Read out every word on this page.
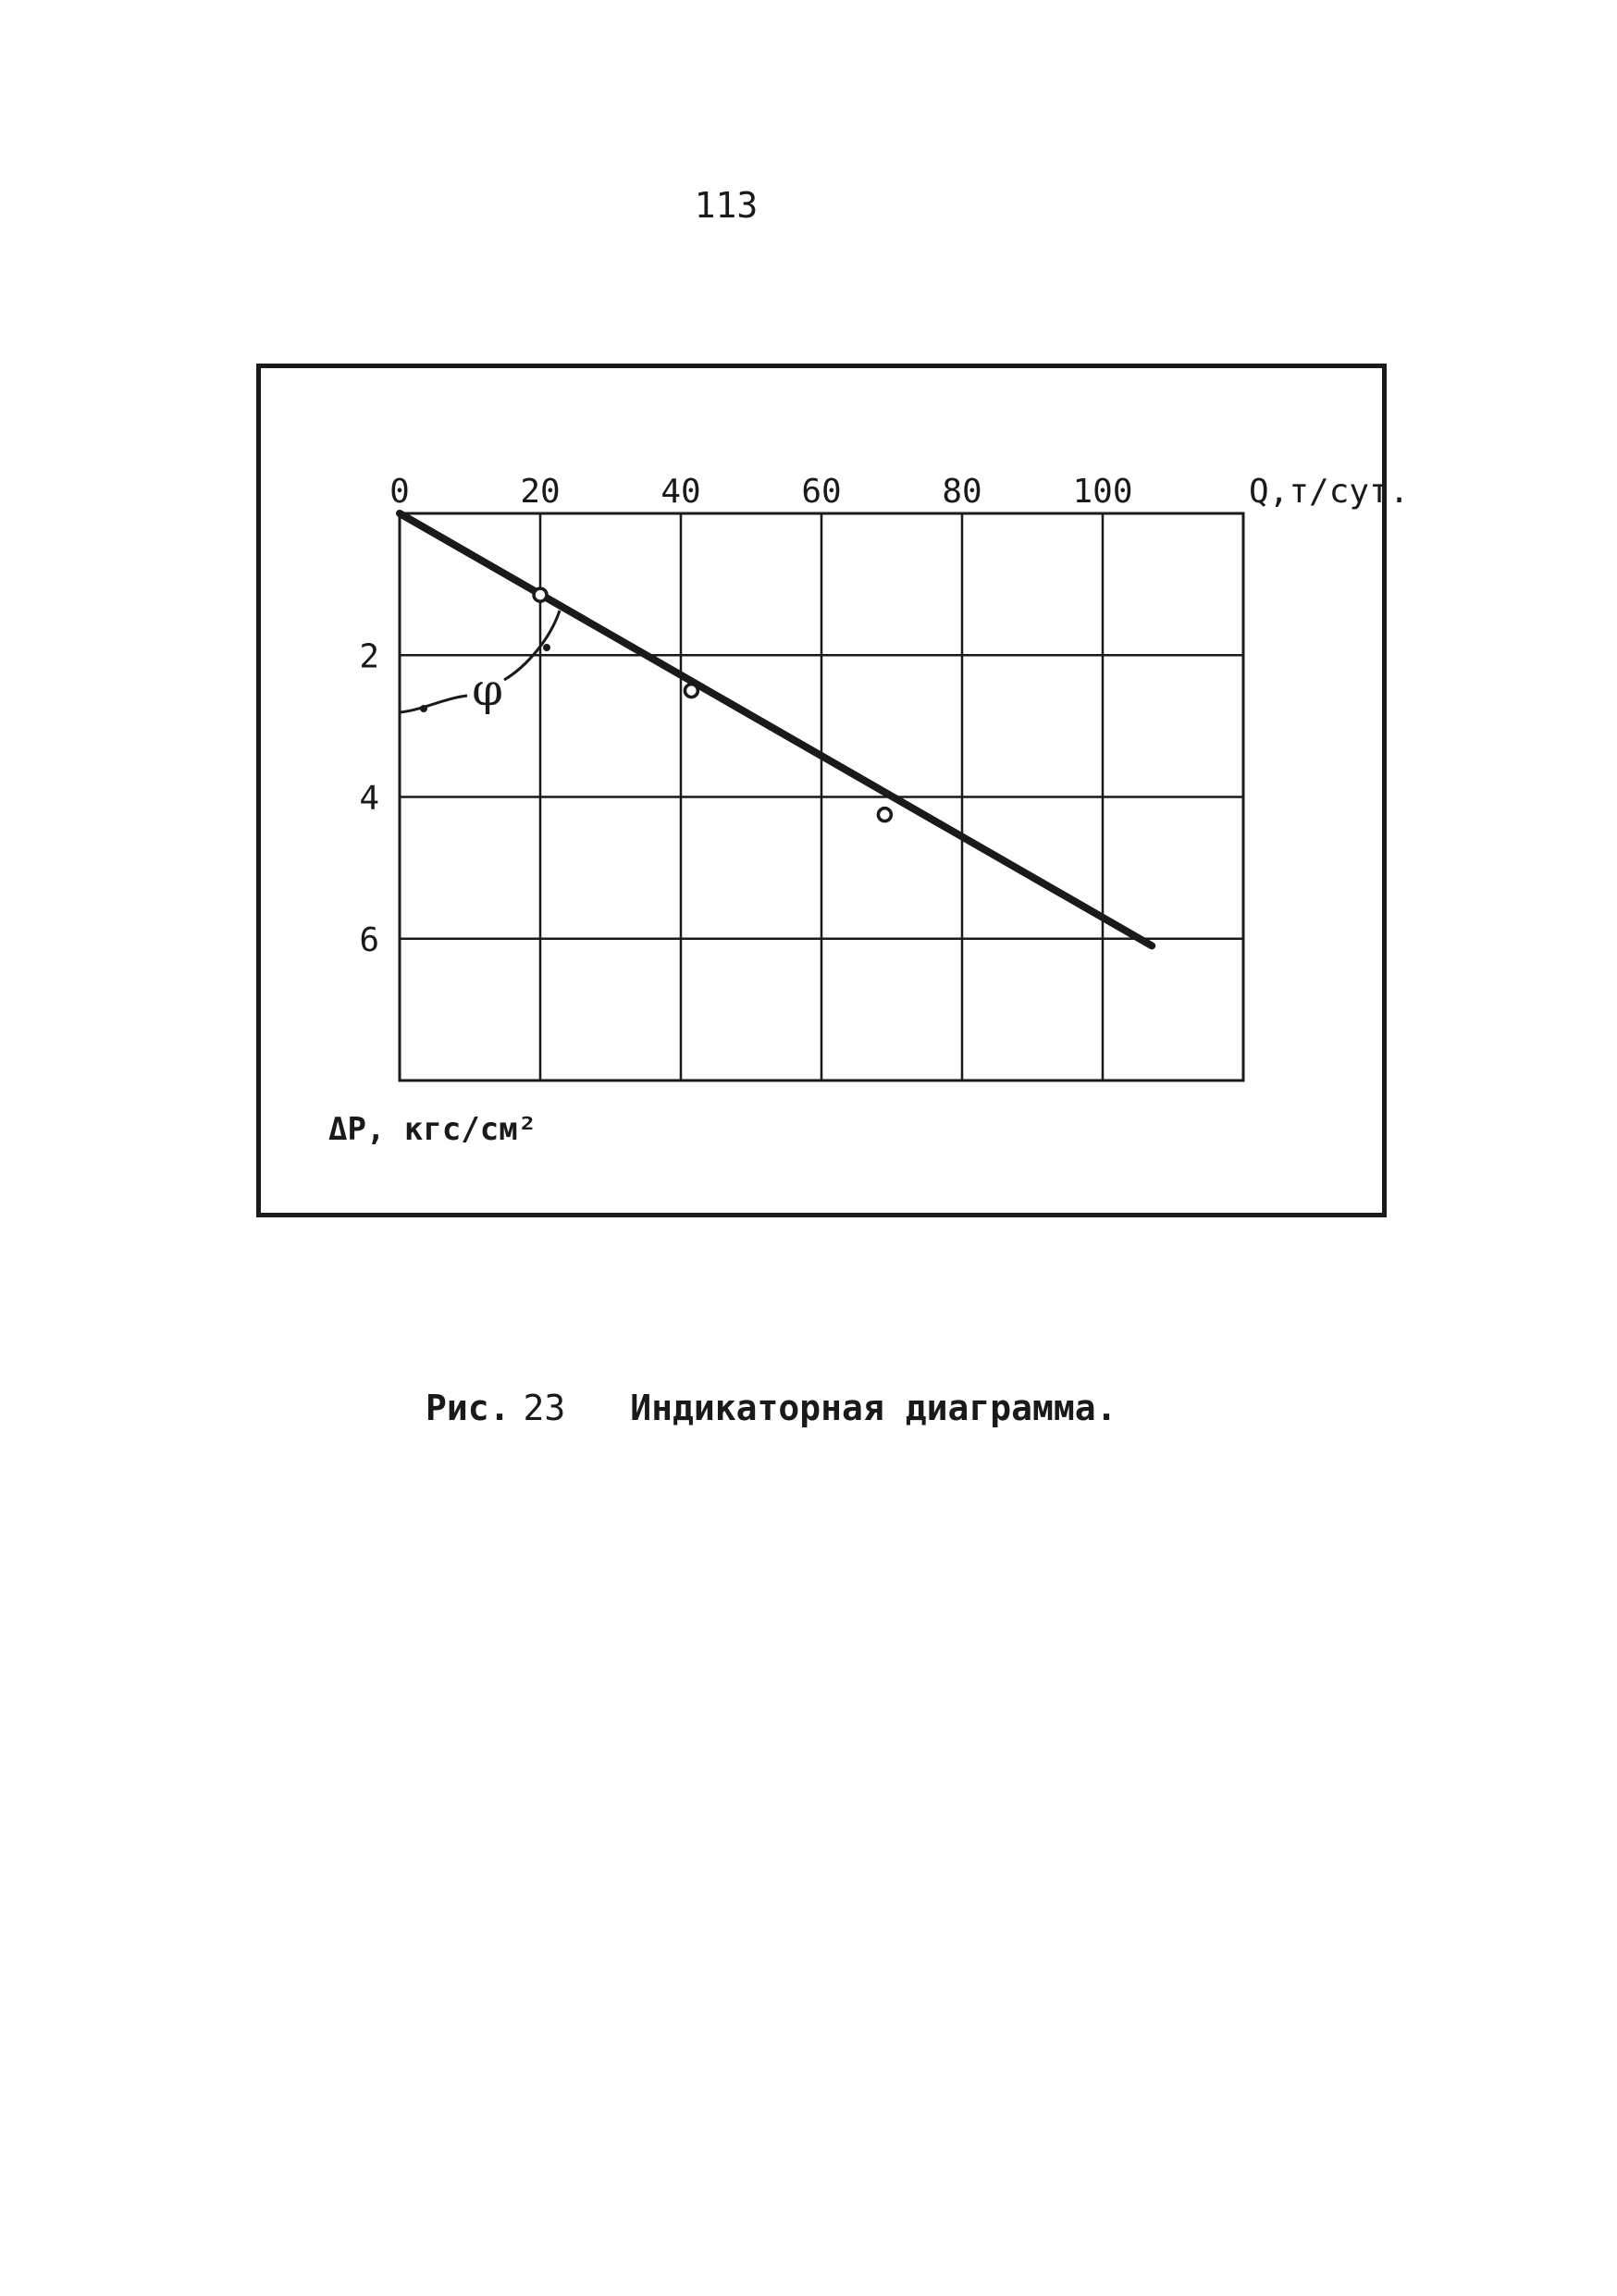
113
0	20	40	60	80	100	Q,т/сут.
2
4
6
ΔP, кгс/см²
φ
Рис. 23 Индикаторная диаграмма.
